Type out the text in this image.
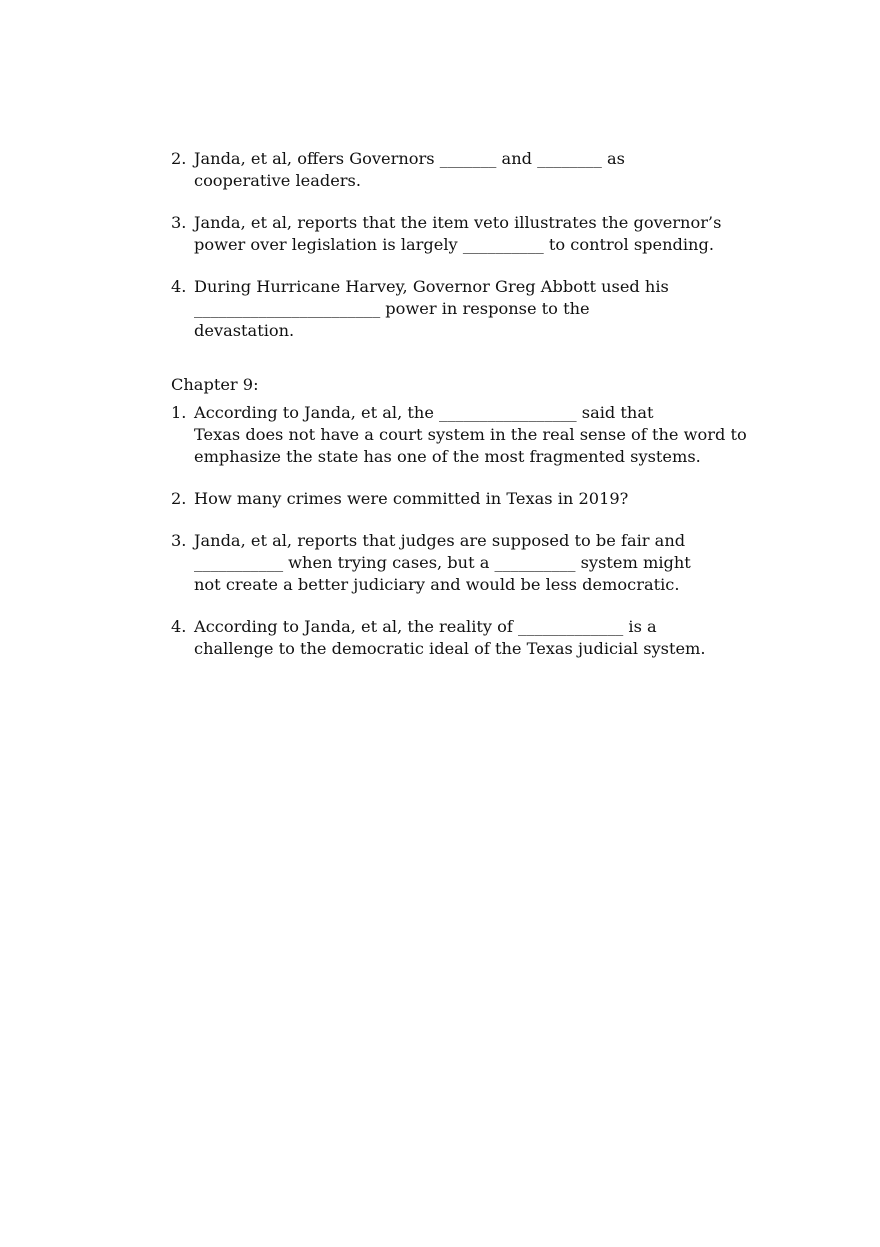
2. Janda, et al, offers Governors _______ and ________ as
cooperative leaders.
3. Janda, et al, reports that the item veto illustrates the governor’s
power over legislation is largely __________ to control spending.
4. During Hurricane Harvey, Governor Greg Abbott used his
_______________________ power in response to the
devastation.
Chapter 9:
1. According to Janda, et al, the _________________ said that
Texas does not have a court system in the real sense of the word to
emphasize the state has one of the most fragmented systems.
2. How many crimes were committed in Texas in 2019?
3. Janda, et al, reports that judges are supposed to be fair and
___________ when trying cases, but a __________ system might
not create a better judiciary and would be less democratic.
4. According to Janda, et al, the reality of _____________ is a
challenge to the democratic ideal of the Texas judicial system.
